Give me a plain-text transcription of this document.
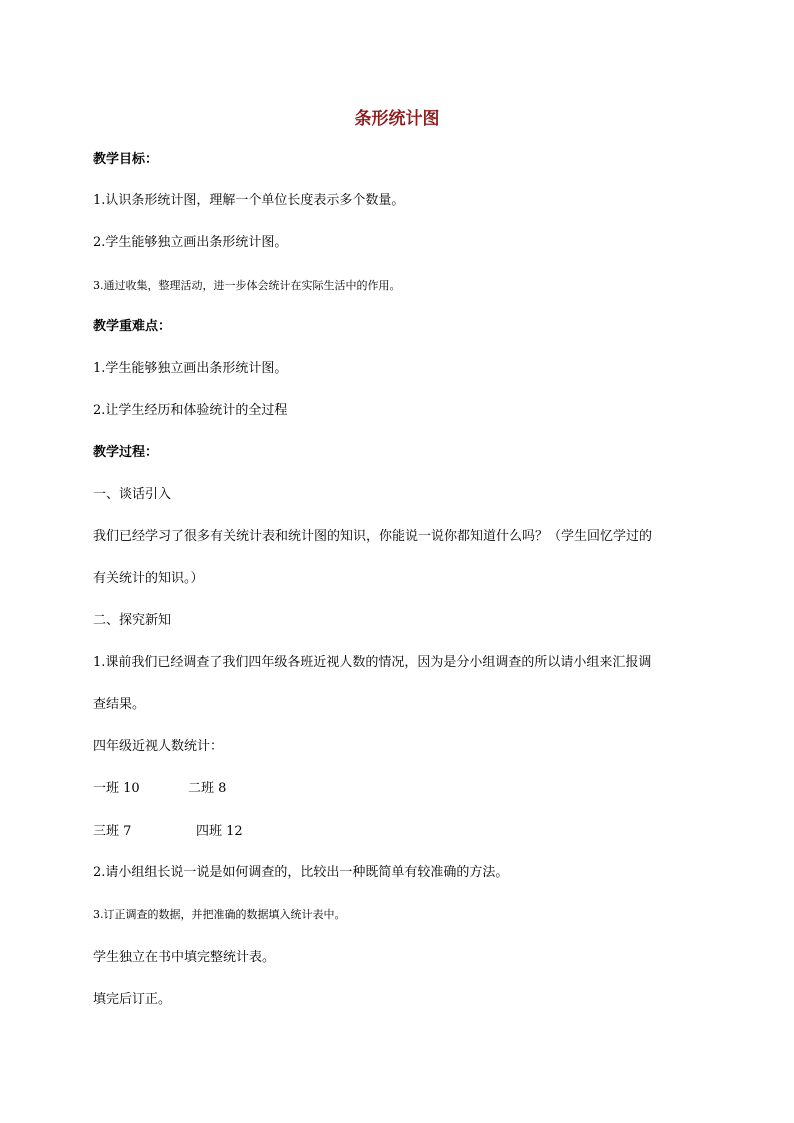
条形统计图
教学目标：
1.认识条形统计图，理解一个单位长度表示多个数量。
2.学生能够独立画出条形统计图。
3.通过收集，整理活动，进一步体会统计在实际生活中的作用。
教学重难点：
1.学生能够独立画出条形统计图。
2.让学生经历和体验统计的全过程
教学过程：
一、谈话引入
我们已经学习了很多有关统计表和统计图的知识，你能说一说你都知道什么吗？（学生回忆学过的
有关统计的知识。）
二、探究新知
1.课前我们已经调查了我们四年级各班近视人数的情况，因为是分小组调查的所以请小组来汇报调
查结果。
四年级近视人数统计：
一班 10	二班 8
三班 7	四班 12
2.请小组组长说一说是如何调查的，比较出一种既简单有较准确的方法。
3.订正调查的数据，并把准确的数据填入统计表中。
学生独立在书中填完整统计表。
填完后订正。
